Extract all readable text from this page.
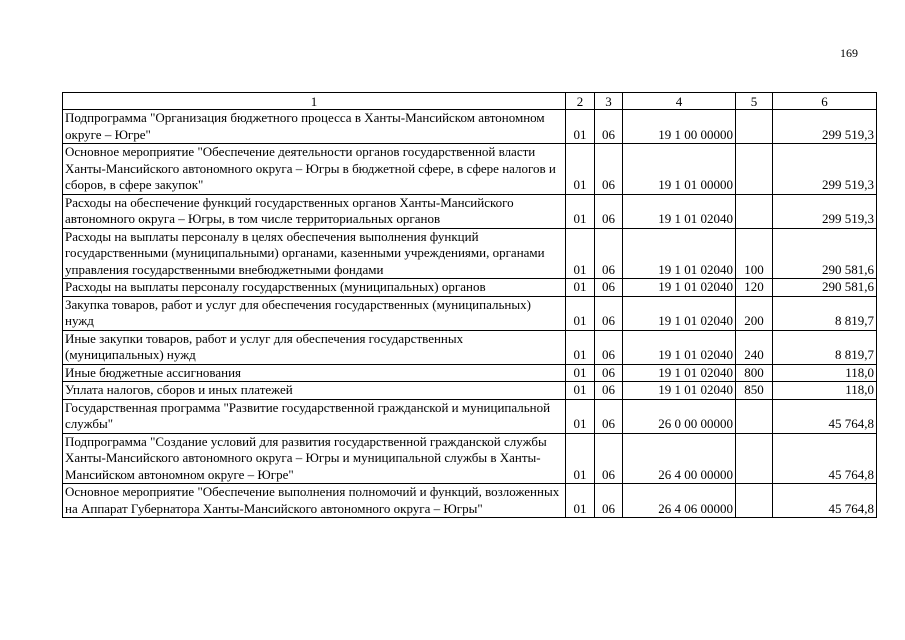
169
1	2	3	4	5	6
Подпрограмма "Организация бюджетного процесса в Ханты-Мансийском автономном округе – Югре"	01	06	19 1 00 00000		299 519,3
Основное мероприятие "Обеспечение деятельности органов государственной власти Ханты-Мансийского автономного округа – Югры в бюджетной сфере, в сфере налогов и сборов, в сфере закупок"	01	06	19 1 01 00000		299 519,3
Расходы на обеспечение функций государственных органов Ханты-Мансийского автономного округа – Югры, в том числе территориальных органов	01	06	19 1 01 02040		299 519,3
Расходы на выплаты персоналу в целях обеспечения выполнения функций государственными (муниципальными) органами, казенными учреждениями, органами управления государственными внебюджетными фондами	01	06	19 1 01 02040	100	290 581,6
Расходы на выплаты персоналу государственных (муниципальных) органов	01	06	19 1 01 02040	120	290 581,6
Закупка товаров, работ и услуг для обеспечения государственных (муниципальных) нужд	01	06	19 1 01 02040	200	8 819,7
Иные закупки товаров, работ и услуг для обеспечения государственных (муниципальных) нужд	01	06	19 1 01 02040	240	8 819,7
Иные бюджетные ассигнования	01	06	19 1 01 02040	800	118,0
Уплата налогов, сборов и иных платежей	01	06	19 1 01 02040	850	118,0
Государственная программа "Развитие государственной гражданской и муниципальной службы"	01	06	26 0 00 00000		45 764,8
Подпрограмма "Создание условий для развития государственной гражданской службы Ханты-Мансийского автономного округа – Югры и муниципальной службы в Ханты-Мансийском автономном округе – Югре"	01	06	26 4 00 00000		45 764,8
Основное мероприятие "Обеспечение выполнения полномочий и функций, возложенных на Аппарат Губернатора Ханты-Мансийского автономного округа – Югры"	01	06	26 4 06 00000		45 764,8
